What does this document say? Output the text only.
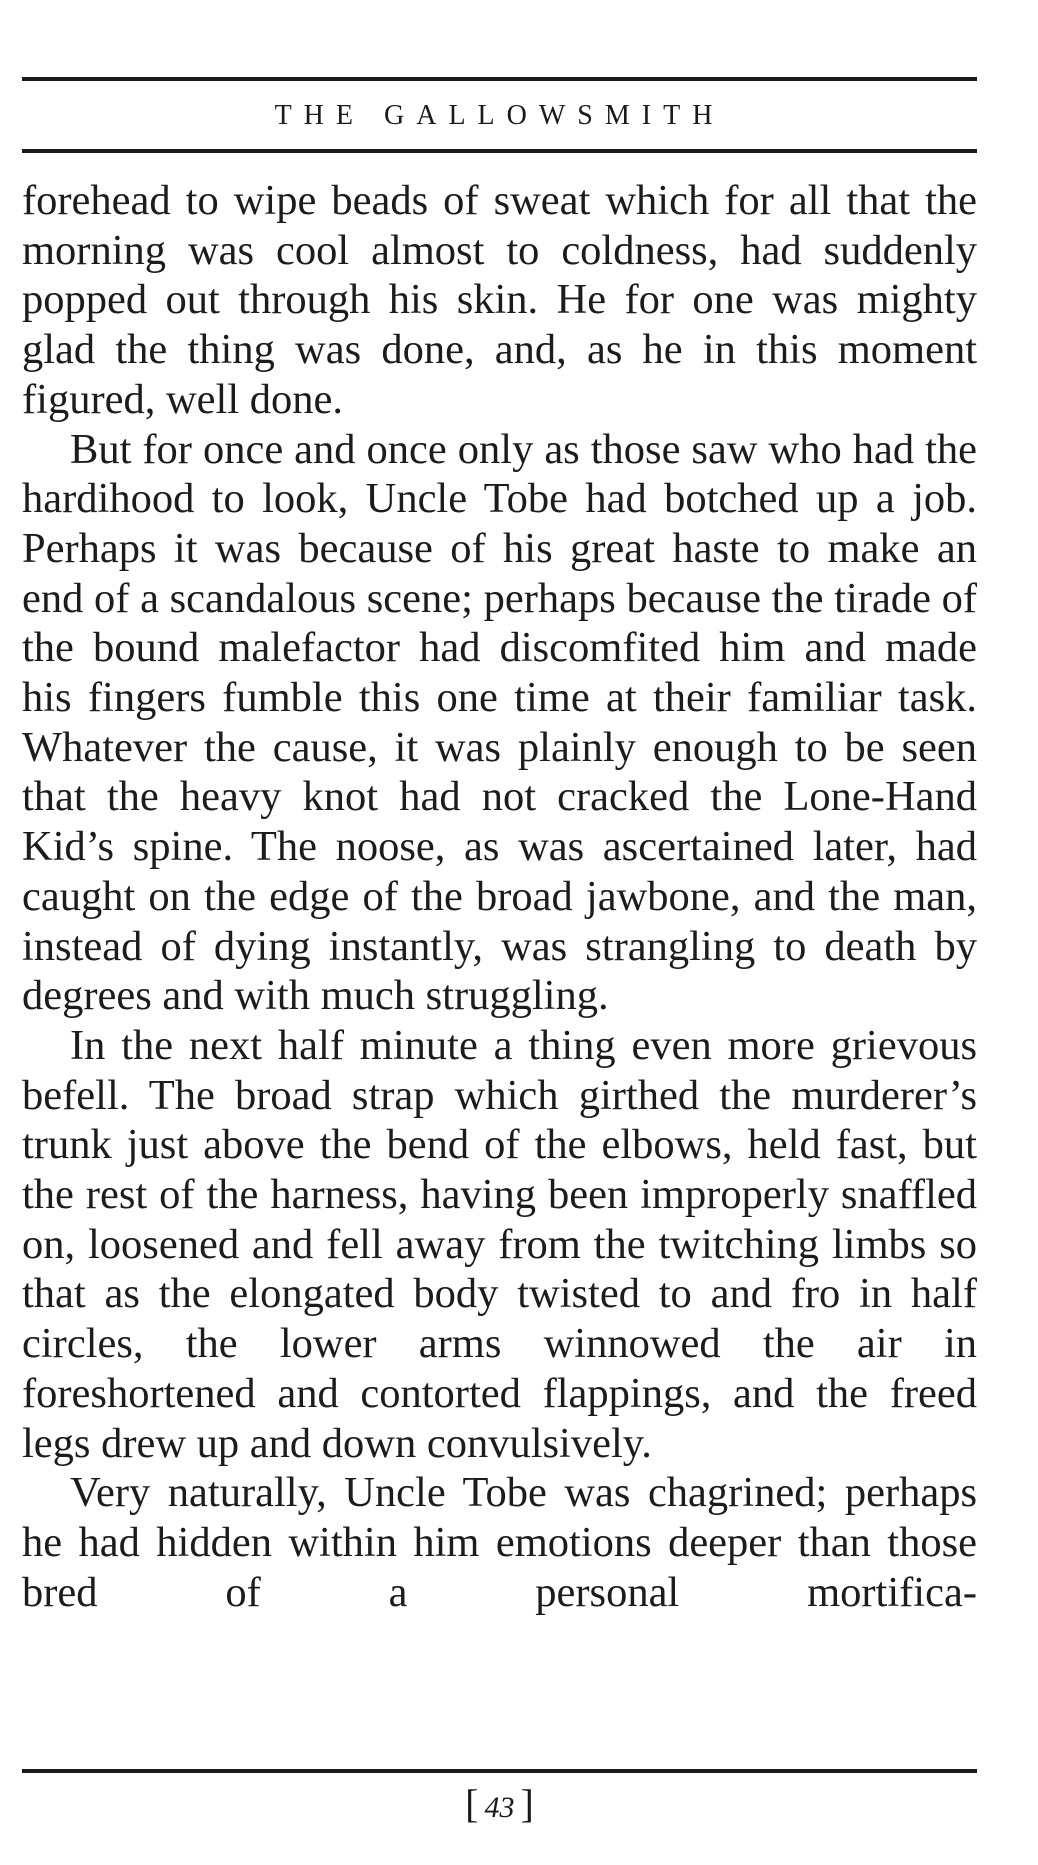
THE GALLOWSMITH

forehead to wipe beads of sweat which for all that the morning was cool almost to coldness, had suddenly popped out through his skin. He for one was mighty glad the thing was done, and, as he in this moment figured, well done.

But for once and once only as those saw who had the hardihood to look, Uncle Tobe had botched up a job. Perhaps it was because of his great haste to make an end of a scandalous scene; perhaps because the tirade of the bound malefactor had discomfited him and made his fingers fumble this one time at their familiar task. Whatever the cause, it was plainly enough to be seen that the heavy knot had not cracked the Lone-Hand Kid’s spine. The noose, as was ascertained later, had caught on the edge of the broad jawbone, and the man, instead of dying instantly, was strangling to death by degrees and with much struggling.

In the next half minute a thing even more grievous befell. The broad strap which girthed the murderer’s trunk just above the bend of the elbows, held fast, but the rest of the harness, having been improperly snaffled on, loosened and fell away from the twitching limbs so that as the elongated body twisted to and fro in half circles, the lower arms winnowed the air in foreshortened and contorted flappings, and the freed legs drew up and down convulsively.

Very naturally, Uncle Tobe was chagrined; perhaps he had hidden within him emotions deeper than those bred of a personal mortifica-

[ 43 ]
